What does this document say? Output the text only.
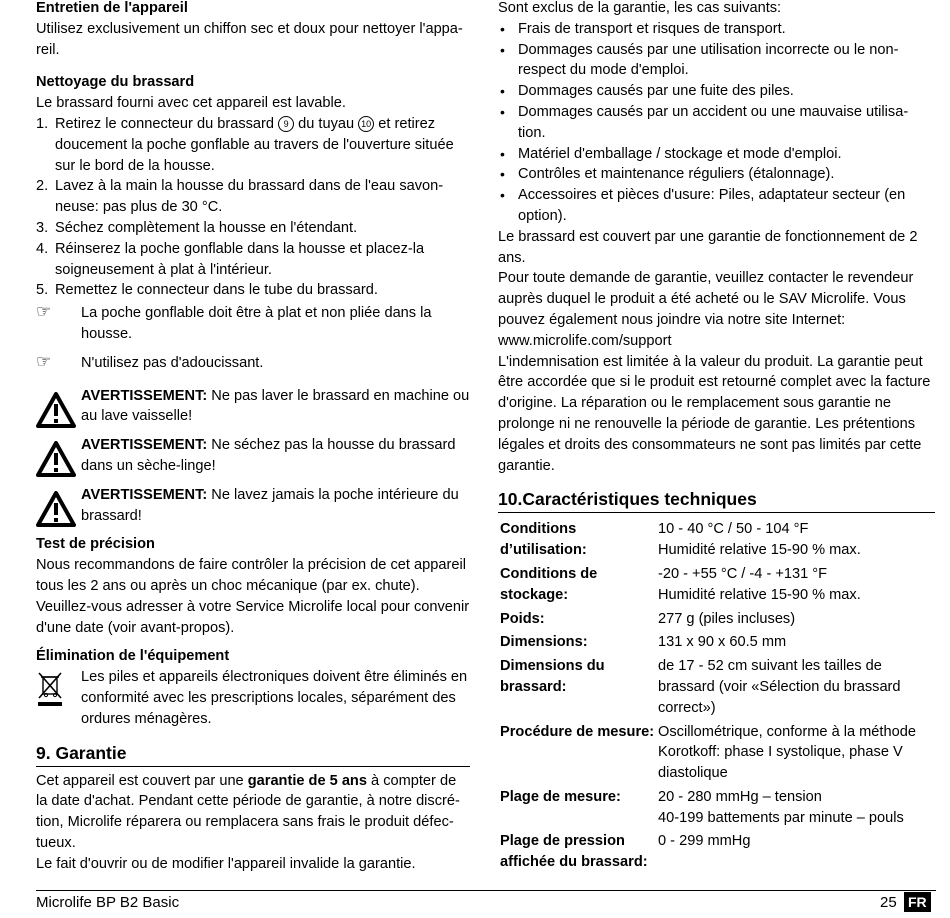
Entretien de l'appareil

Utilisez exclusivement un chiffon sec et doux pour nettoyer l'appa-reil.

Nettoyage du brassard

Le brassard fourni avec cet appareil est lavable.

1. Retirez le connecteur du brassard 9 du tuyau 10 et retirez doucement la poche gonflable au travers de l'ouverture située sur le bord de la housse.
2. Lavez à la main la housse du brassard dans de l'eau savon-neuse: pas plus de 30 °C.
3. Séchez complètement la housse en l'étendant.
4. Réinserez la poche gonflable dans la housse et placez-la soigneusement à plat à l'intérieur.
5. Remettez le connecteur dans le tube du brassard.
☞ La poche gonflable doit être à plat et non pliée dans la housse.
☞ N'utilisez pas d'adoucissant.
AVERTISSEMENT: Ne pas laver le brassard en machine ou au lave vaisselle!
AVERTISSEMENT: Ne séchez pas la housse du brassard dans un sèche-linge!
AVERTISSEMENT: Ne lavez jamais la poche intérieure du brassard!

Test de précision

Nous recommandons de faire contrôler la précision de cet appareil tous les 2 ans ou après un choc mécanique (par ex. chute). Veuillez-vous adresser à votre Service Microlife local pour convenir d'une date (voir avant-propos).

Élimination de l'équipement

Les piles et appareils électroniques doivent être éliminés en conformité avec les prescriptions locales, séparément des ordures ménagères.
9. Garantie

Cet appareil est couvert par une garantie de 5 ans à compter de la date d'achat. Pendant cette période de garantie, à notre discré-tion, Microlife réparera ou remplacera sans frais le produit défec-tueux.

Le fait d'ouvrir ou de modifier l'appareil invalide la garantie.

Sont exclus de la garantie, les cas suivants:

• Frais de transport et risques de transport.
• Dommages causés par une utilisation incorrecte ou le non-respect du mode d'emploi.
• Dommages causés par une fuite des piles.
• Dommages causés par un accident ou une mauvaise utilisa-tion.
• Matériel d'emballage / stockage et mode d'emploi.
• Contrôles et maintenance réguliers (étalonnage).
• Accessoires et pièces d'usure: Piles, adaptateur secteur (en option).

Le brassard est couvert par une garantie de fonctionnement de 2 ans.

Pour toute demande de garantie, veuillez contacter le revendeur auprès duquel le produit a été acheté ou le SAV Microlife. Vous pouvez également nous joindre via notre site Internet:

www.microlife.com/support

L'indemnisation est limitée à la valeur du produit. La garantie peut être accordée que si le produit est retourné complet avec la facture d'origine. La réparation ou le remplacement sous garantie ne prolonge ni ne renouvelle la période de garantie. Les prétentions légales et droits des consommateurs ne sont pas limités par cette garantie.

10.Caractéristiques techniques
Conditions d’utilisation:	10 - 40 °C / 50 - 104 °F
Humidité relative 15-90 % max.
Conditions de stockage:	-20 - +55 °C / -4 - +131 °F
Humidité relative 15-90 % max.
Poids:	277 g (piles incluses)
Dimensions:	131 x 90 x 60.5 mm
Dimensions du brassard:	de 17 - 52 cm suivant les tailles de brassard (voir «Sélection du brassard correct»)
Procédure de mesure:	Oscillométrique, conforme à la méthode Korotkoff: phase I systolique, phase V diastolique
Plage de mesure:	20 - 280 mmHg – tension
40-199 battements par minute – pouls
Plage de pression affichée du brassard:	0 - 299 mmHg
Microlife BP B2 Basic	25 FR
